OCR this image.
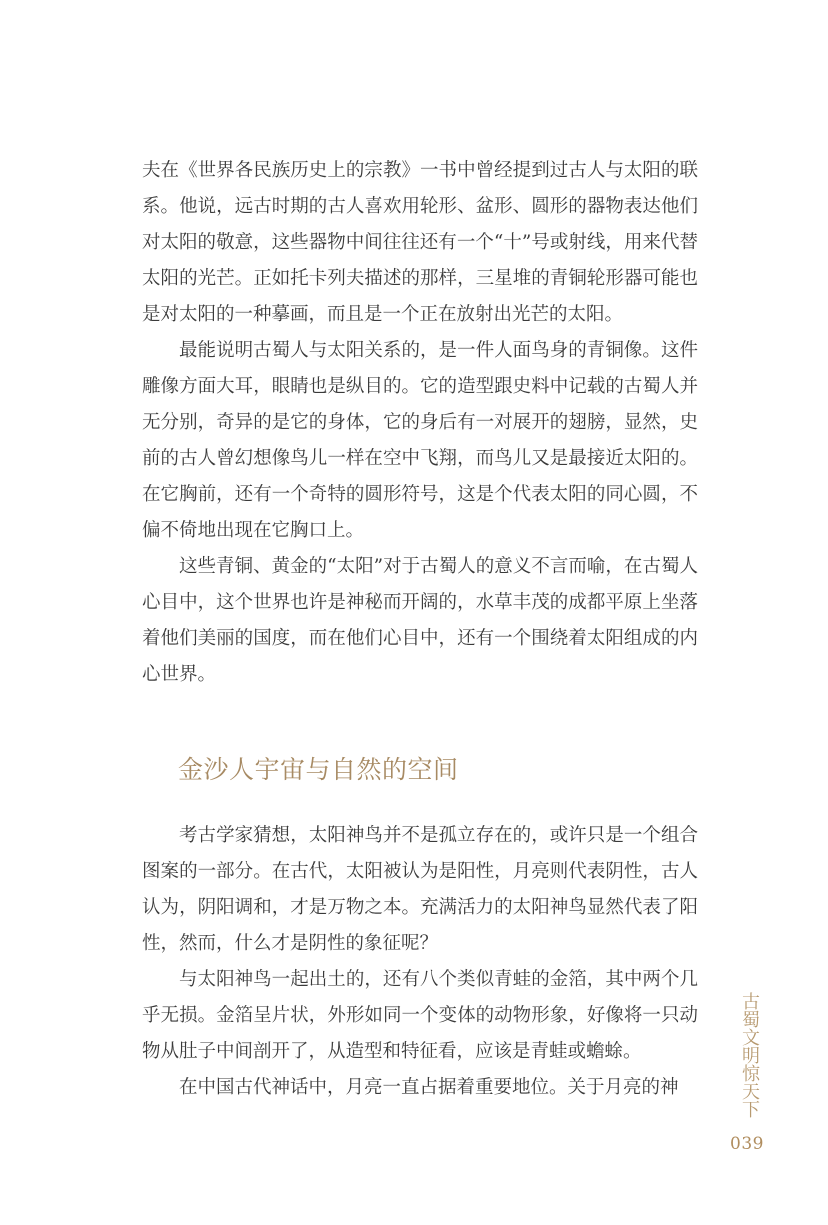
夫在《世界各民族历史上的宗教》一书中曾经提到过古人与太阳的联系。他说，远古时期的古人喜欢用轮形、盆形、圆形的器物表达他们对太阳的敬意，这些器物中间往往还有一个“十”号或射线，用来代替太阳的光芒。正如托卡列夫描述的那样，三星堆的青铜轮形器可能也是对太阳的一种摹画，而且是一个正在放射出光芒的太阳。

最能说明古蜀人与太阳关系的，是一件人面鸟身的青铜像。这件雕像方面大耳，眼睛也是纵目的。它的造型跟史料中记载的古蜀人并无分别，奇异的是它的身体，它的身后有一对展开的翅膀，显然，史前的古人曾幻想像鸟儿一样在空中飞翔，而鸟儿又是最接近太阳的。在它胸前，还有一个奇特的圆形符号，这是个代表太阳的同心圆，不偏不倚地出现在它胸口上。

这些青铜、黄金的“太阳”对于古蜀人的意义不言而喻，在古蜀人心目中，这个世界也许是神秘而开阔的，水草丰茂的成都平原上坐落着他们美丽的国度，而在他们心目中，还有一个围绕着太阳组成的内心世界。

金沙人宇宙与自然的空间

考古学家猜想，太阳神鸟并不是孤立存在的，或许只是一个组合图案的一部分。在古代，太阳被认为是阳性，月亮则代表阴性，古人认为，阴阳调和，才是万物之本。充满活力的太阳神鸟显然代表了阳性，然而，什么才是阴性的象征呢？

与太阳神鸟一起出土的，还有八个类似青蛙的金箔，其中两个几乎无损。金箔呈片状，外形如同一个变体的动物形象，好像将一只动物从肚子中间剖开了，从造型和特征看，应该是青蛙或蟾蜍。

在中国古代神话中，月亮一直占据着重要地位。关于月亮的神	古蜀文明惊天下
039
